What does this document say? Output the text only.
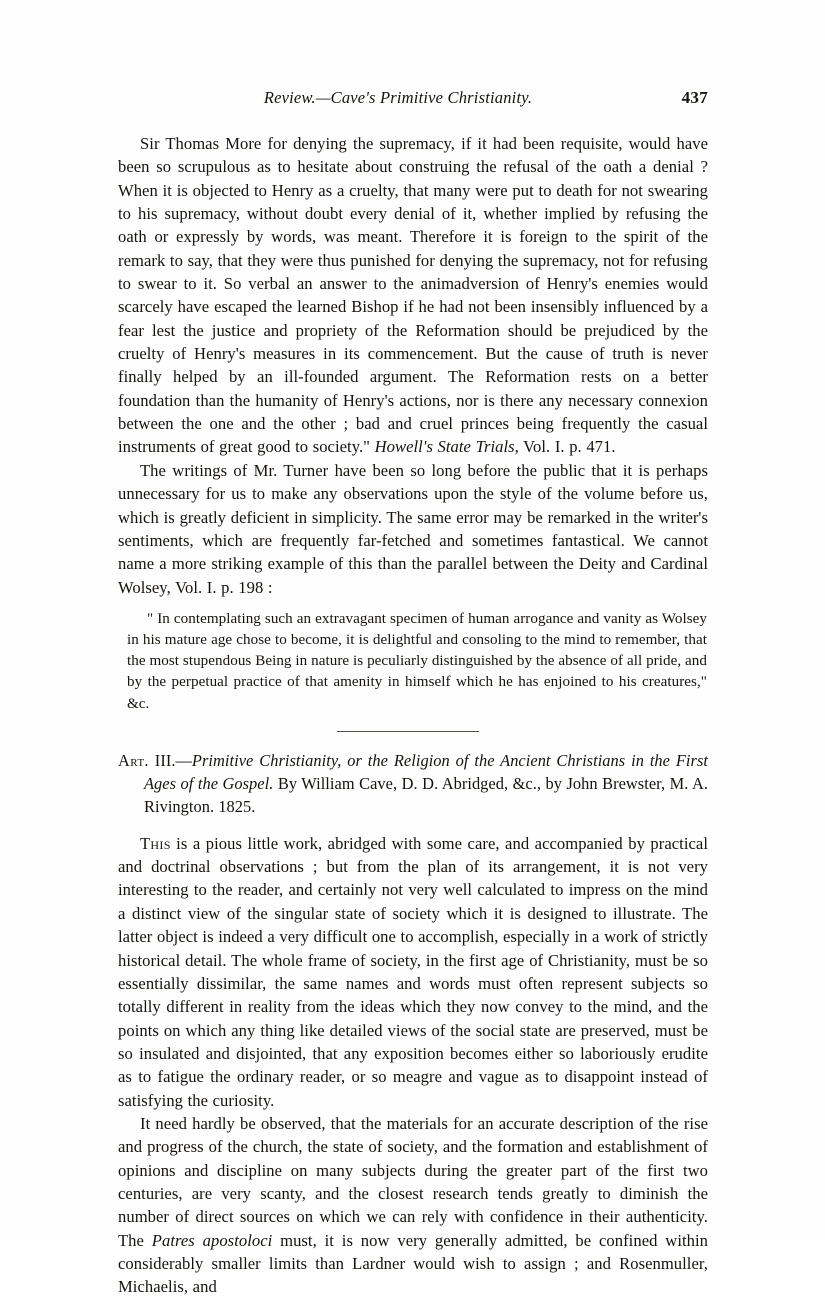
Review.—Cave's Primitive Christianity.	437

Sir Thomas More for denying the supremacy, if it had been requisite, would have been so scrupulous as to hesitate about construing the refusal of the oath a denial ? When it is objected to Henry as a cruelty, that many were put to death for not swearing to his supremacy, without doubt every denial of it, whether implied by refusing the oath or expressly by words, was meant. Therefore it is foreign to the spirit of the remark to say, that they were thus punished for denying the supremacy, not for refusing to swear to it. So verbal an answer to the animadversion of Henry's enemies would scarcely have escaped the learned Bishop if he had not been insensibly influenced by a fear lest the justice and propriety of the Reformation should be prejudiced by the cruelty of Henry's measures in its commencement. But the cause of truth is never finally helped by an ill-founded argument. The Reformation rests on a better foundation than the humanity of Henry's actions, nor is there any necessary connexion between the one and the other ; bad and cruel princes being frequently the casual instruments of great good to society." Howell's State Trials, Vol. I. p. 471.

The writings of Mr. Turner have been so long before the public that it is perhaps unnecessary for us to make any observations upon the style of the volume before us, which is greatly deficient in simplicity. The same error may be remarked in the writer's sentiments, which are frequently far-fetched and sometimes fantastical. We cannot name a more striking example of this than the parallel between the Deity and Cardinal Wolsey, Vol. I. p. 198 :

" In contemplating such an extravagant specimen of human arrogance and vanity as Wolsey in his mature age chose to become, it is delightful and consoling to the mind to remember, that the most stupendous Being in nature is peculiarly distinguished by the absence of all pride, and by the perpetual practice of that amenity in himself which he has enjoined to his creatures," &c.

Art. III.—Primitive Christianity, or the Religion of the Ancient Christians in the First Ages of the Gospel. By William Cave, D. D. Abridged, &c., by John Brewster, M. A. Rivington. 1825.

This is a pious little work, abridged with some care, and accompanied by practical and doctrinal observations ; but from the plan of its arrangement, it is not very interesting to the reader, and certainly not very well calculated to impress on the mind a distinct view of the singular state of society which it is designed to illustrate. The latter object is indeed a very difficult one to accomplish, especially in a work of strictly historical detail. The whole frame of society, in the first age of Christianity, must be so essentially dissimilar, the same names and words must often represent subjects so totally different in reality from the ideas which they now convey to the mind, and the points on which any thing like detailed views of the social state are preserved, must be so insulated and disjointed, that any exposition becomes either so laboriously erudite as to fatigue the ordinary reader, or so meagre and vague as to disappoint instead of satisfying the curiosity.

It need hardly be observed, that the materials for an accurate description of the rise and progress of the church, the state of society, and the formation and establishment of opinions and discipline on many subjects during the greater part of the first two centuries, are very scanty, and the closest research tends greatly to diminish the number of direct sources on which we can rely with confidence in their authenticity. The Patres apostoloci must, it is now very generally admitted, be confined within considerably smaller limits than Lardner would wish to assign ; and Rosenmuller, Michaelis, and
